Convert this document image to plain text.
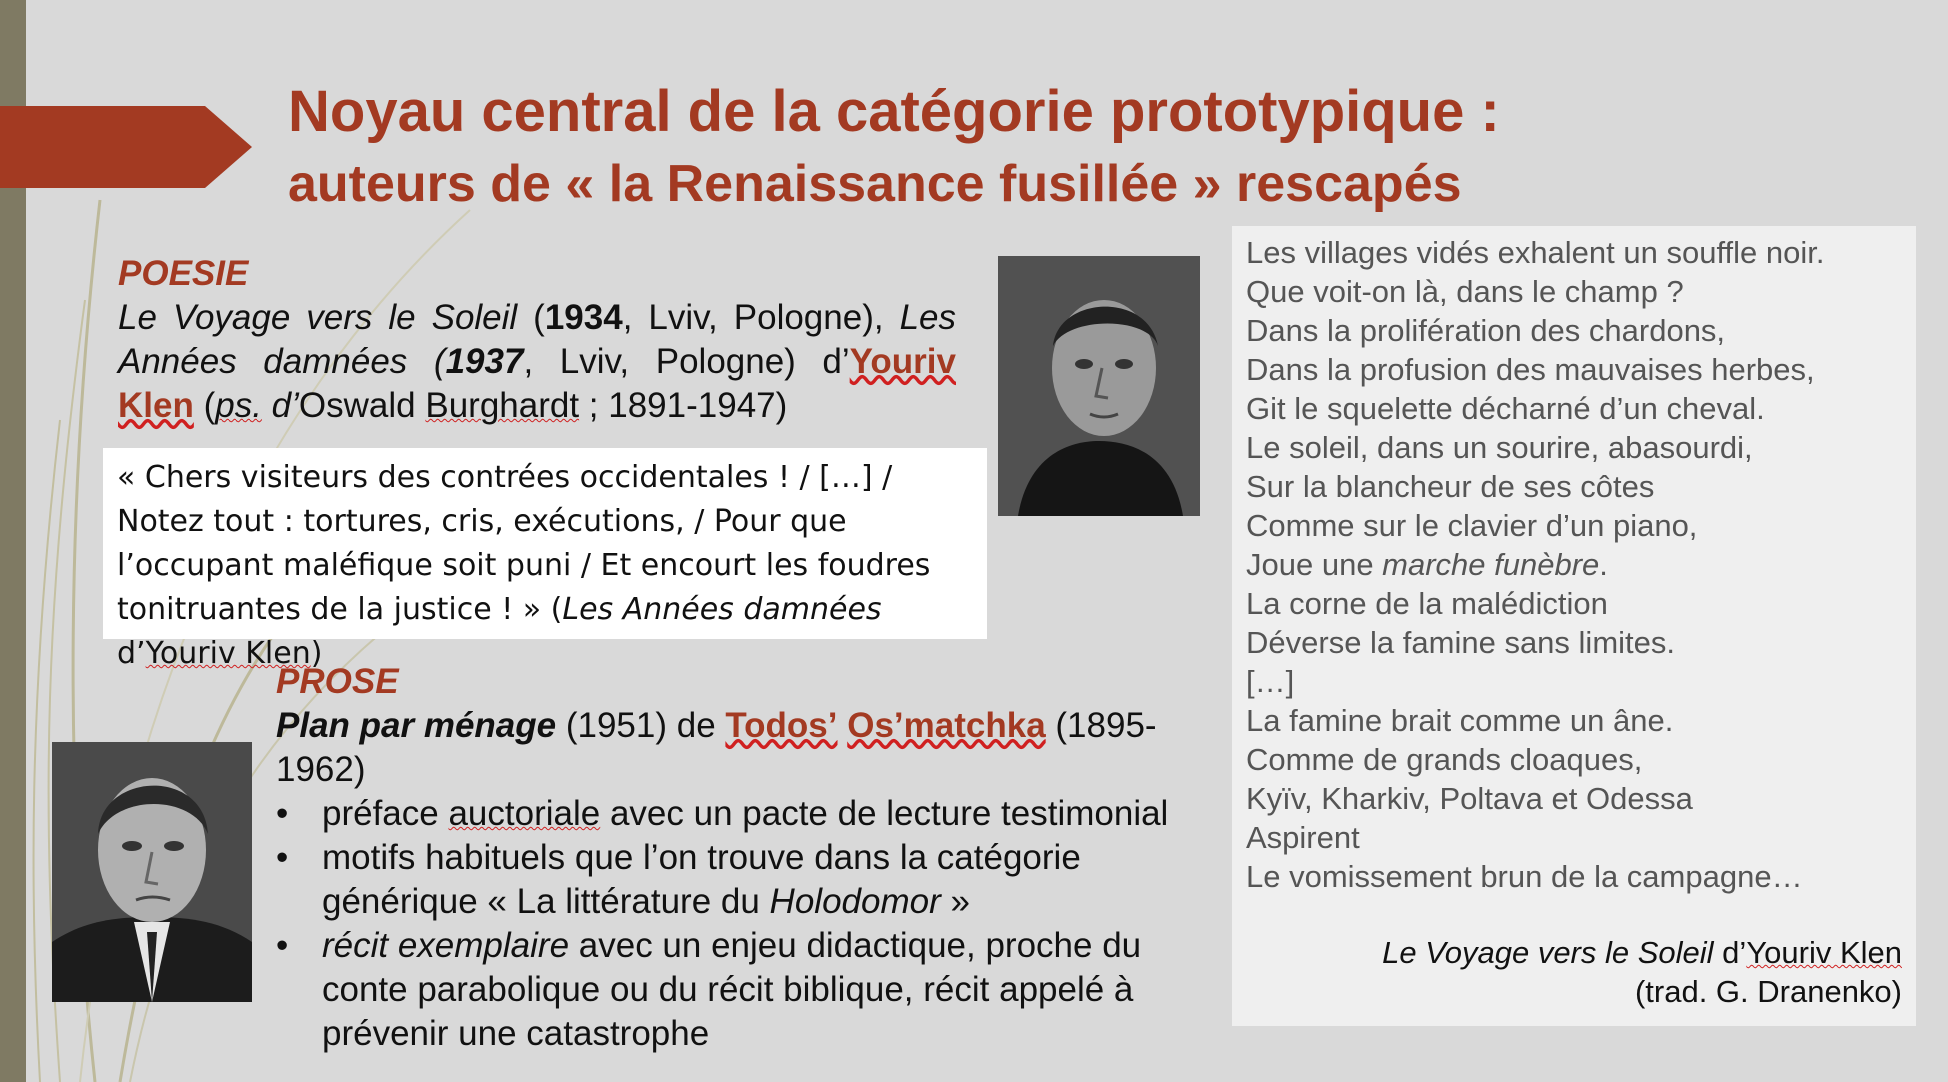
Noyau central de la catégorie prototypique :
auteurs de « la Renaissance fusillée » rescapés
POESIE
Le Voyage vers le Soleil (1934, Lviv, Pologne), Les Années damnées (1937, Lviv, Pologne) d’Youriv Klen (ps. d’Oswald Burghardt ; 1891-1947)
« Chers visiteurs des contrées occidentales ! / […] / Notez tout : tortures, cris, exécutions, / Pour que l’occupant maléfique soit puni / Et encourt les foudres tonitruantes de la justice ! » (Les Années damnées d’Youriv Klen)
PROSE
Plan par ménage (1951) de Todos’ Os’matchka (1895-1962)
• préface auctoriale avec un pacte de lecture testimonial
• motifs habituels que l’on trouve dans la catégorie générique « La littérature du Holodomor »
• récit exemplaire avec un enjeu didactique, proche du conte parabolique ou du récit biblique, récit appelé à prévenir une catastrophe
Les villages vidés exhalent un souffle noir.
Que voit-on là, dans le champ ?
Dans la prolifération des chardons,
Dans la profusion des mauvaises herbes,
Git le squelette décharné d’un cheval.
Le soleil, dans un sourire, abasourdi,
Sur la blancheur de ses côtes
Comme sur le clavier d’un piano,
Joue une marche funèbre.
La corne de la malédiction
Déverse la famine sans limites.
[…]
La famine brait comme un âne.
Comme de grands cloaques,
Kyïv, Kharkiv, Poltava et Odessa
Aspirent
Le vomissement brun de la campagne…
Le Voyage vers le Soleil d’Youriv Klen
(trad. G. Dranenko)
